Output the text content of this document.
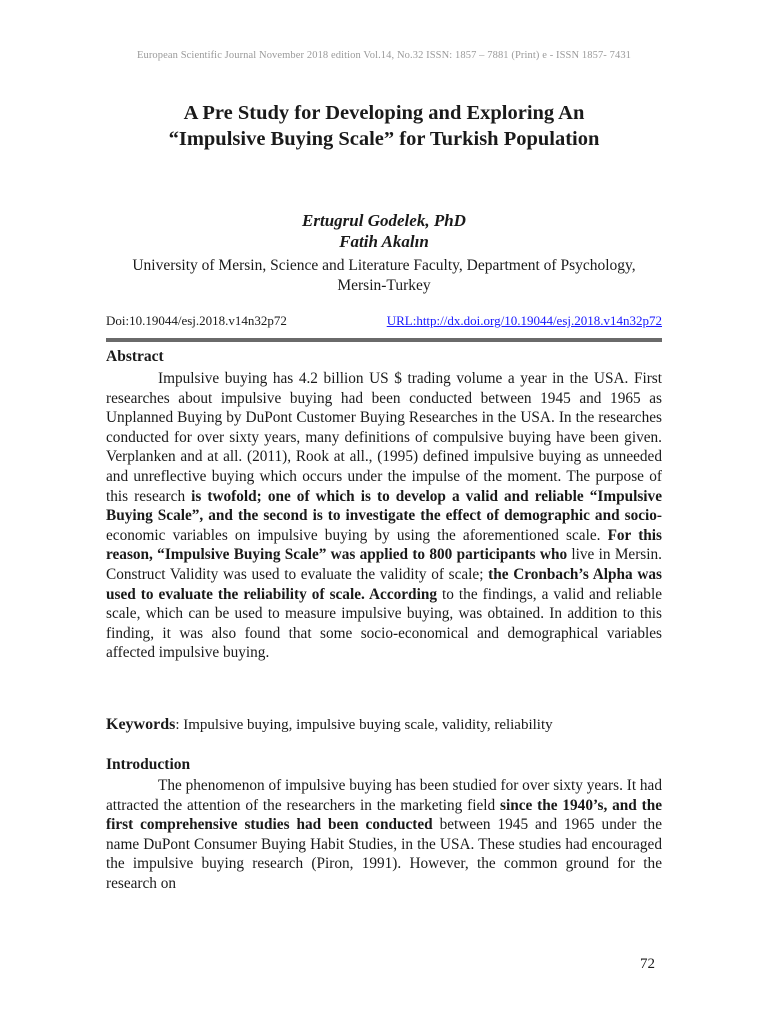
European Scientific Journal November 2018 edition Vol.14, No.32 ISSN: 1857 – 7881 (Print) e - ISSN 1857- 7431
A Pre Study for Developing and Exploring An
“Impulsive Buying Scale” for Turkish Population
Ertugrul Godelek, PhD
Fatih Akalın
University of Mersin, Science and Literature Faculty, Department of Psychology, Mersin-Turkey
Doi:10.19044/esj.2018.v14n32p72	URL:http://dx.doi.org/10.19044/esj.2018.v14n32p72
Abstract

Impulsive buying has 4.2 billion US $ trading volume a year in the USA. First researches about impulsive buying had been conducted between 1945 and 1965 as Unplanned Buying by DuPont Customer Buying Researches in the USA. In the researches conducted for over sixty years, many definitions of compulsive buying have been given. Verplanken and at all. (2011), Rook at all., (1995) defined impulsive buying as unneeded and unreflective buying which occurs under the impulse of the moment. The purpose of this research is twofold; one of which is to develop a valid and reliable “Impulsive Buying Scale”, and the second is to investigate the effect of demographic and socio-economic variables on impulsive buying by using the aforementioned scale. For this reason, “Impulsive Buying Scale” was applied to 800 participants who live in Mersin. Construct Validity was used to evaluate the validity of scale; the Cronbach’s Alpha was used to evaluate the reliability of scale. According to the findings, a valid and reliable scale, which can be used to measure impulsive buying, was obtained. In addition to this finding, it was also found that some socio-economical and demographical variables affected impulsive buying.

Keywords: Impulsive buying, impulsive buying scale, validity, reliability
Introduction

The phenomenon of impulsive buying has been studied for over sixty years. It had attracted the attention of the researchers in the marketing field since the 1940’s, and the first comprehensive studies had been conducted between 1945 and 1965 under the name DuPont Consumer Buying Habit Studies, in the USA. These studies had encouraged the impulsive buying research (Piron, 1991). However, the common ground for the research on

72
